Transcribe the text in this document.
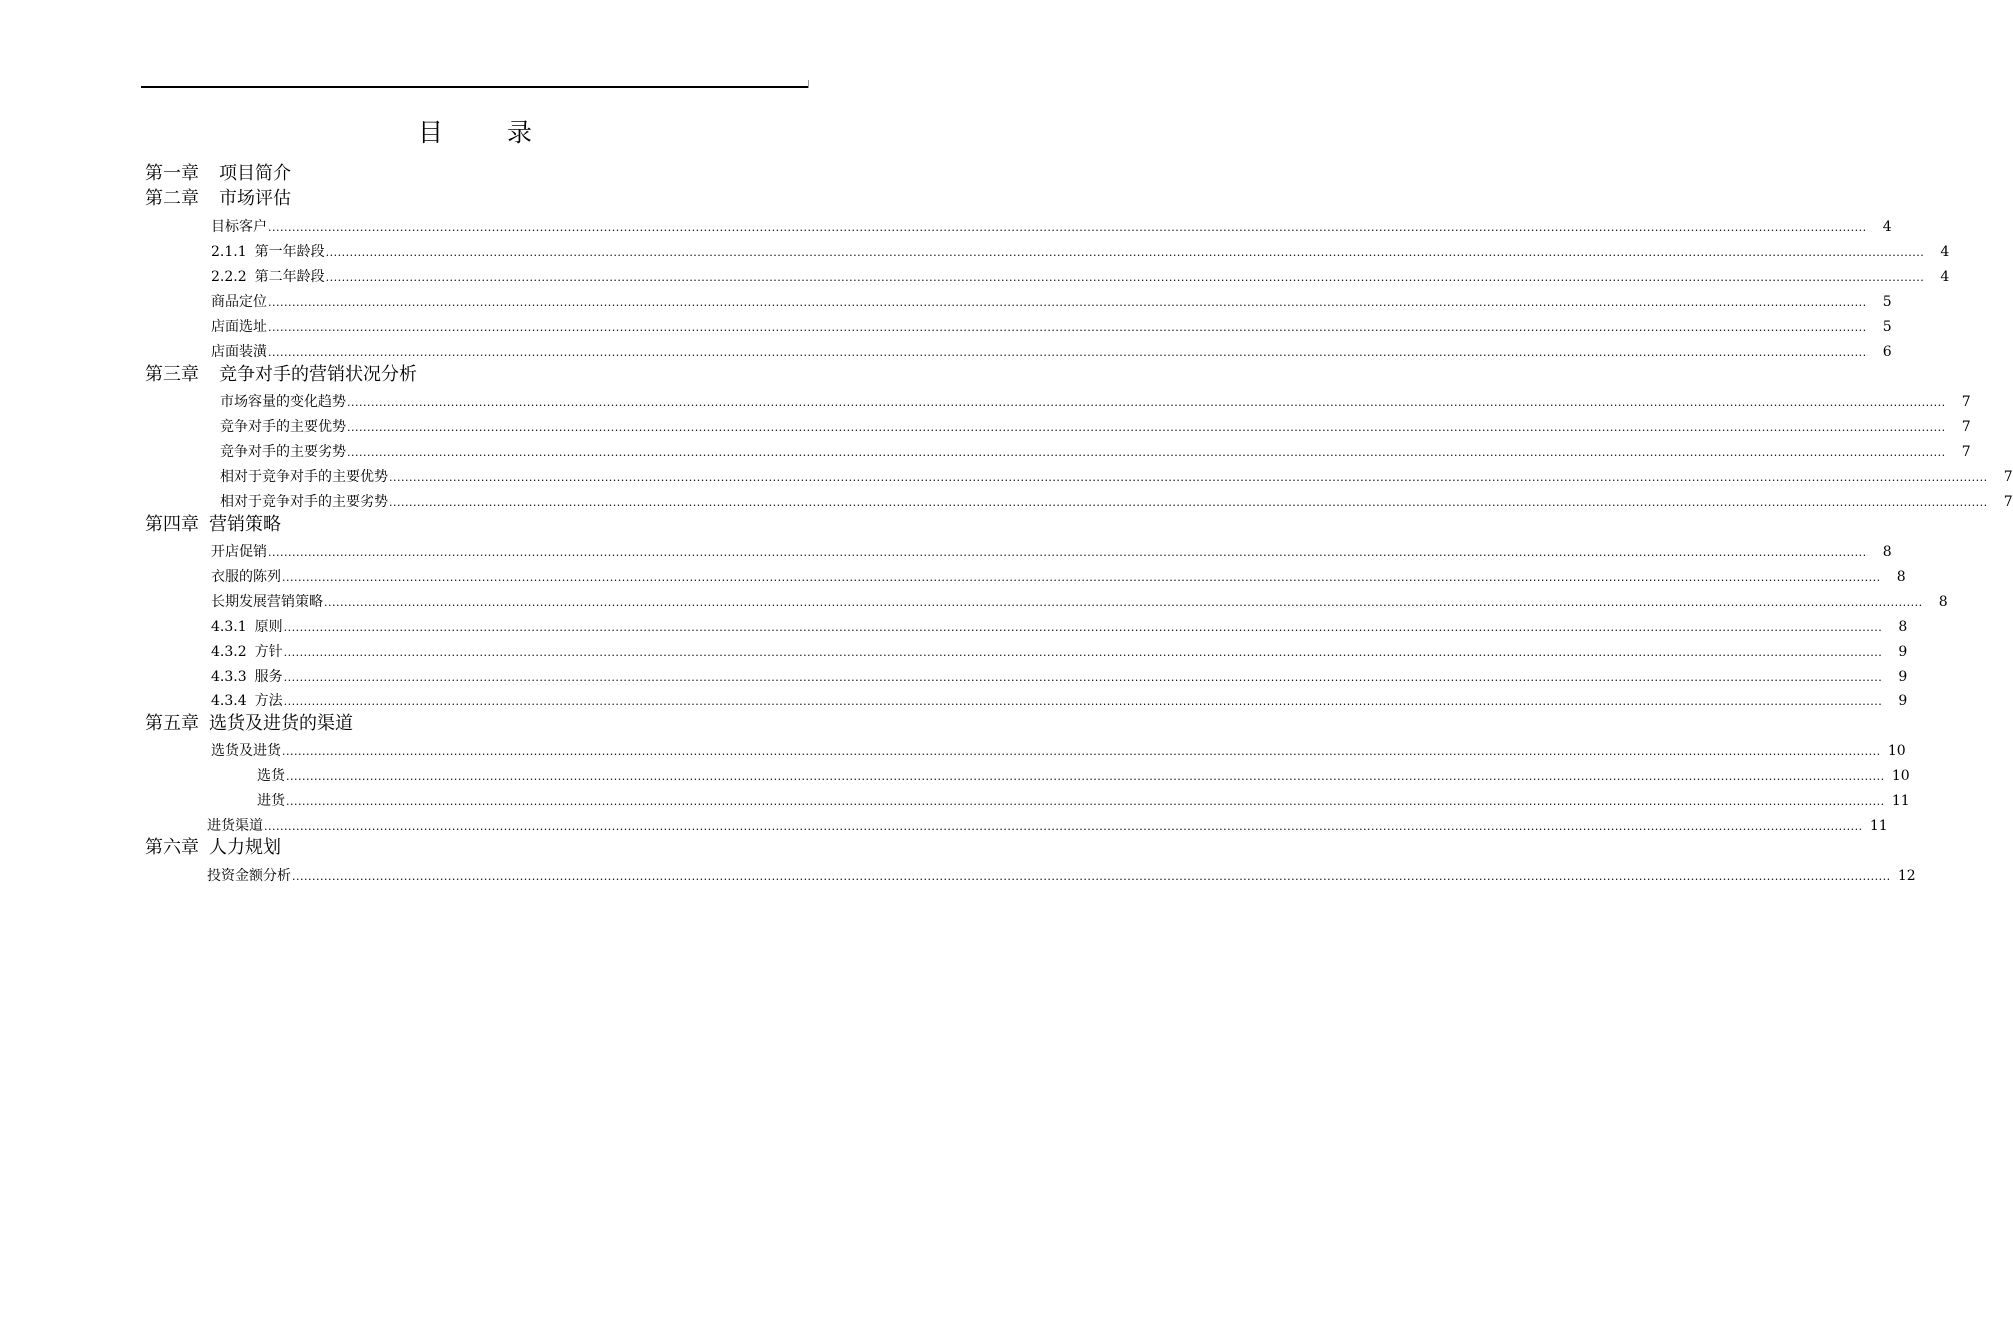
目 录
第一章 项目简介
第二章 市场评估
目标客户 ................................................................................................................................................................................................................................................................................................................................................................................................................	4
2.1.1 第一年龄段 ................................................................................................................................................................................................................................................................................................................................................................................................................	4
2.2.2 第二年龄段 ................................................................................................................................................................................................................................................................................................................................................................................................................	4
商品定位 ................................................................................................................................................................................................................................................................................................................................................................................................................	5
店面选址 ................................................................................................................................................................................................................................................................................................................................................................................................................	5
店面装潢 ................................................................................................................................................................................................................................................................................................................................................................................................................	6
第三章 竞争对手的营销状况分析
市场容量的变化趋势 ................................................................................................................................................................................................................................................................................................................................................................................................................	7
竞争对手的主要优势 ................................................................................................................................................................................................................................................................................................................................................................................................................	7
竞争对手的主要劣势 ................................................................................................................................................................................................................................................................................................................................................................................................................	7
相对于竞争对手的主要优势 ................................................................................................................................................................................................................................................................................................................................................................................................................	7
相对于竞争对手的主要劣势 ................................................................................................................................................................................................................................................................................................................................................................................................................	7
第四章 营销策略
开店促销 ................................................................................................................................................................................................................................................................................................................................................................................................................	8
衣服的陈列 ................................................................................................................................................................................................................................................................................................................................................................................................................	8
长期发展营销策略 ................................................................................................................................................................................................................................................................................................................................................................................................................	8
4.3.1 原则 ................................................................................................................................................................................................................................................................................................................................................................................................................	8
4.3.2 方针 ................................................................................................................................................................................................................................................................................................................................................................................................................	9
4.3.3 服务 ................................................................................................................................................................................................................................................................................................................................................................................................................	9
4.3.4 方法 ................................................................................................................................................................................................................................................................................................................................................................................................................	9
第五章 选货及进货的渠道
选货及进货 ................................................................................................................................................................................................................................................................................................................................................................................................................ 10
选货 ................................................................................................................................................................................................................................................................................................................................................................................................................ 10
进货 ................................................................................................................................................................................................................................................................................................................................................................................................................ 11
进货渠道 ................................................................................................................................................................................................................................................................................................................................................................................................................ 11
第六章 人力规划
投资金额分析 ................................................................................................................................................................................................................................................................................................................................................................................................................ 12
